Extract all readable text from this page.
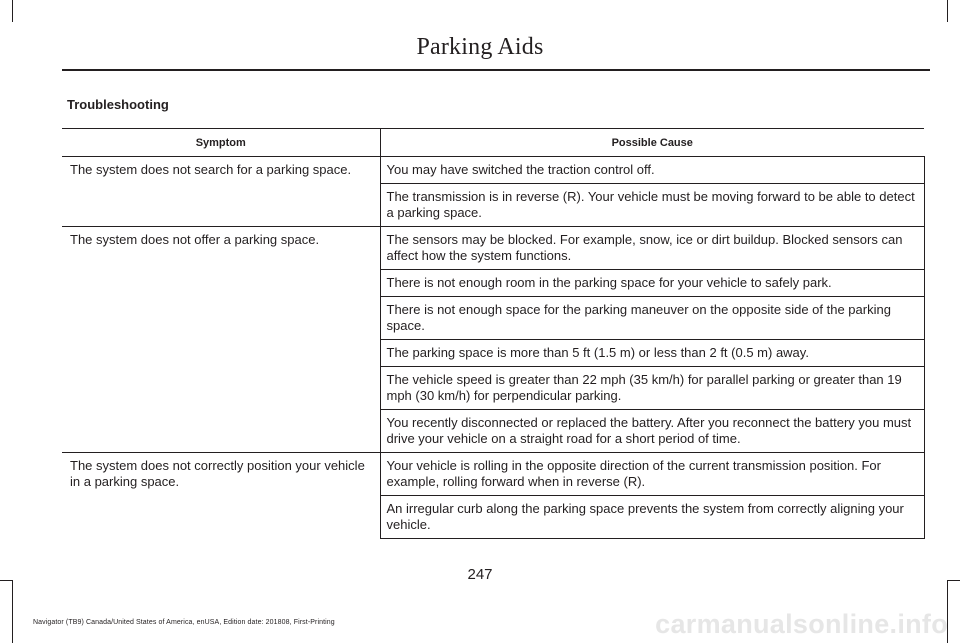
Parking Aids
Troubleshooting
Symptom	Possible Cause
The system does not search for a parking space.	You may have switched the traction control off.
	The transmission is in reverse (R). Your vehicle must be moving forward to be able to detect a parking space.
The system does not offer a parking space.	The sensors may be blocked. For example, snow, ice or dirt buildup. Blocked sensors can affect how the system functions.
	There is not enough room in the parking space for your vehicle to safely park.
	There is not enough space for the parking maneuver on the opposite side of the parking space.
	The parking space is more than 5 ft (1.5 m) or less than 2 ft (0.5 m) away.
	The vehicle speed is greater than 22 mph (35 km/h) for parallel parking or greater than 19 mph (30 km/h) for perpendicular parking.
	You recently disconnected or replaced the battery. After you reconnect the battery you must drive your vehicle on a straight road for a short period of time.
The system does not correctly position your vehicle in a parking space.	Your vehicle is rolling in the opposite direction of the current transmission position. For example, rolling forward when in reverse (R).
	An irregular curb along the parking space prevents the system from correctly aligning your vehicle.
247
Navigator (TB9) Canada/United States of America, enUSA, Edition date: 201808, First-Printing	carmanualsonline.info
